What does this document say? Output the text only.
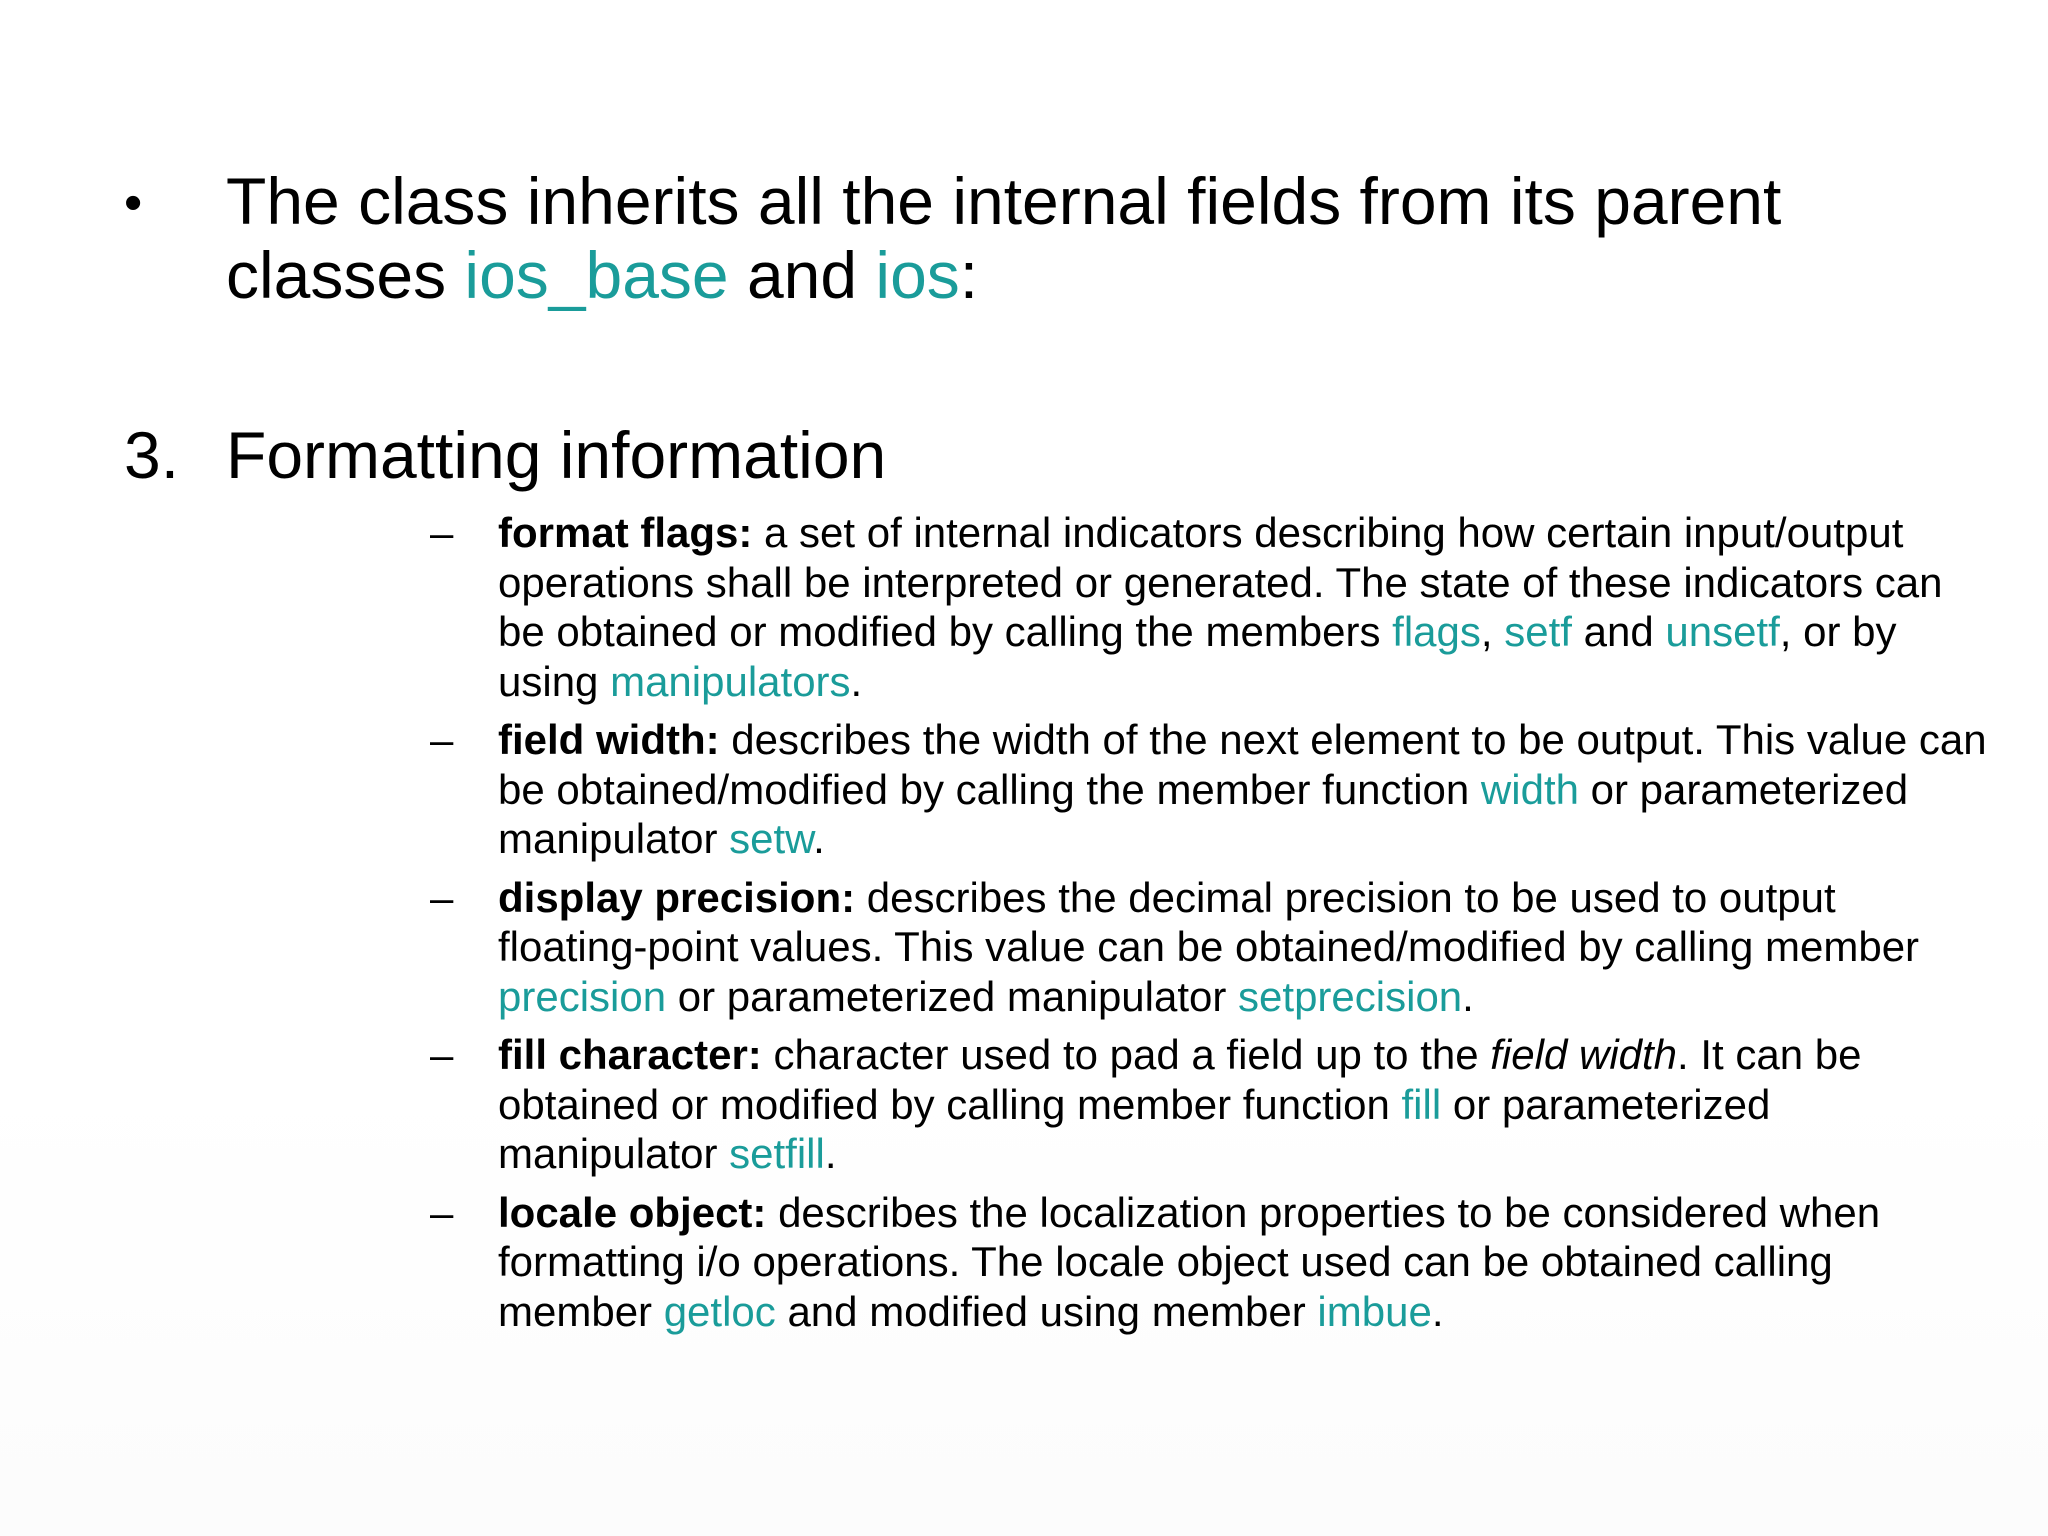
•	The class inherits all the internal fields from its parent classes ios_base and ios:
3. Formatting information
– format flags: a set of internal indicators describing how certain input/output operations shall be interpreted or generated. The state of these indicators can be obtained or modified by calling the members flags, setf and unsetf, or by using manipulators.
– field width: describes the width of the next element to be output. This value can be obtained/modified by calling the member function width or parameterized manipulator setw.
– display precision: describes the decimal precision to be used to output floating-point values. This value can be obtained/modified by calling member precision or parameterized manipulator setprecision.
– fill character: character used to pad a field up to the field width. It can be obtained or modified by calling member function fill or parameterized manipulator setfill.
– locale object: describes the localization properties to be considered when formatting i/o operations. The locale object used can be obtained calling member getloc and modified using member imbue.
